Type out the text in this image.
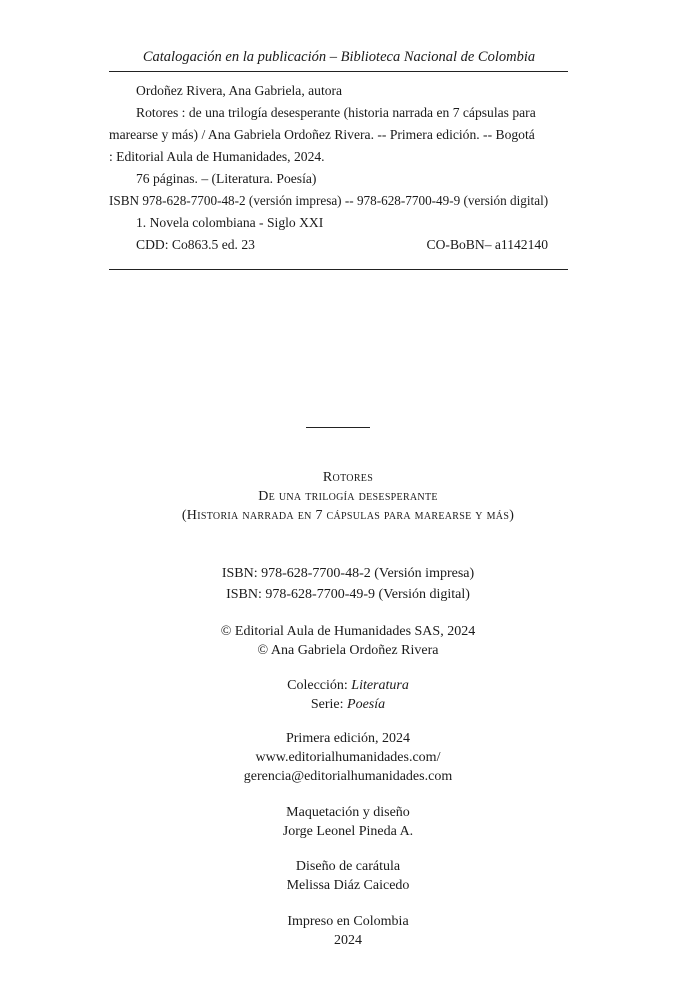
Catalogación en la publicación – Biblioteca Nacional de Colombia

Ordoñez Rivera, Ana Gabriela, autora

Rotores : de una trilogía desesperante (historia narrada en 7 cápsulas para

marearse y más) / Ana Gabriela Ordoñez Rivera. -- Primera edición. -- Bogotá

: Editorial Aula de Humanidades, 2024.

76 páginas. – (Literatura. Poesía)

ISBN 978-628-7700-48-2 (versión impresa) -- 978-628-7700-49-9 (versión digital)

1. Novela colombiana - Siglo XXI

CDD: Co863.5 ed. 23	CO-BoBN– a1142140
Rotores
De una trilogía desesperante
(Historia narrada en 7 cápsulas para marearse y más)
ISBN: 978-628-7700-48-2 (Versión impresa)
ISBN: 978-628-7700-49-9 (Versión digital)
© Editorial Aula de Humanidades SAS, 2024
© Ana Gabriela Ordoñez Rivera
Colección: Literatura
Serie: Poesía
Primera edición, 2024
www.editorialhumanidades.com/
gerencia@editorialhumanidades.com
Maquetación y diseño
Jorge Leonel Pineda A.
Diseño de carátula
Melissa Diáz Caicedo
Impreso en Colombia
2024
